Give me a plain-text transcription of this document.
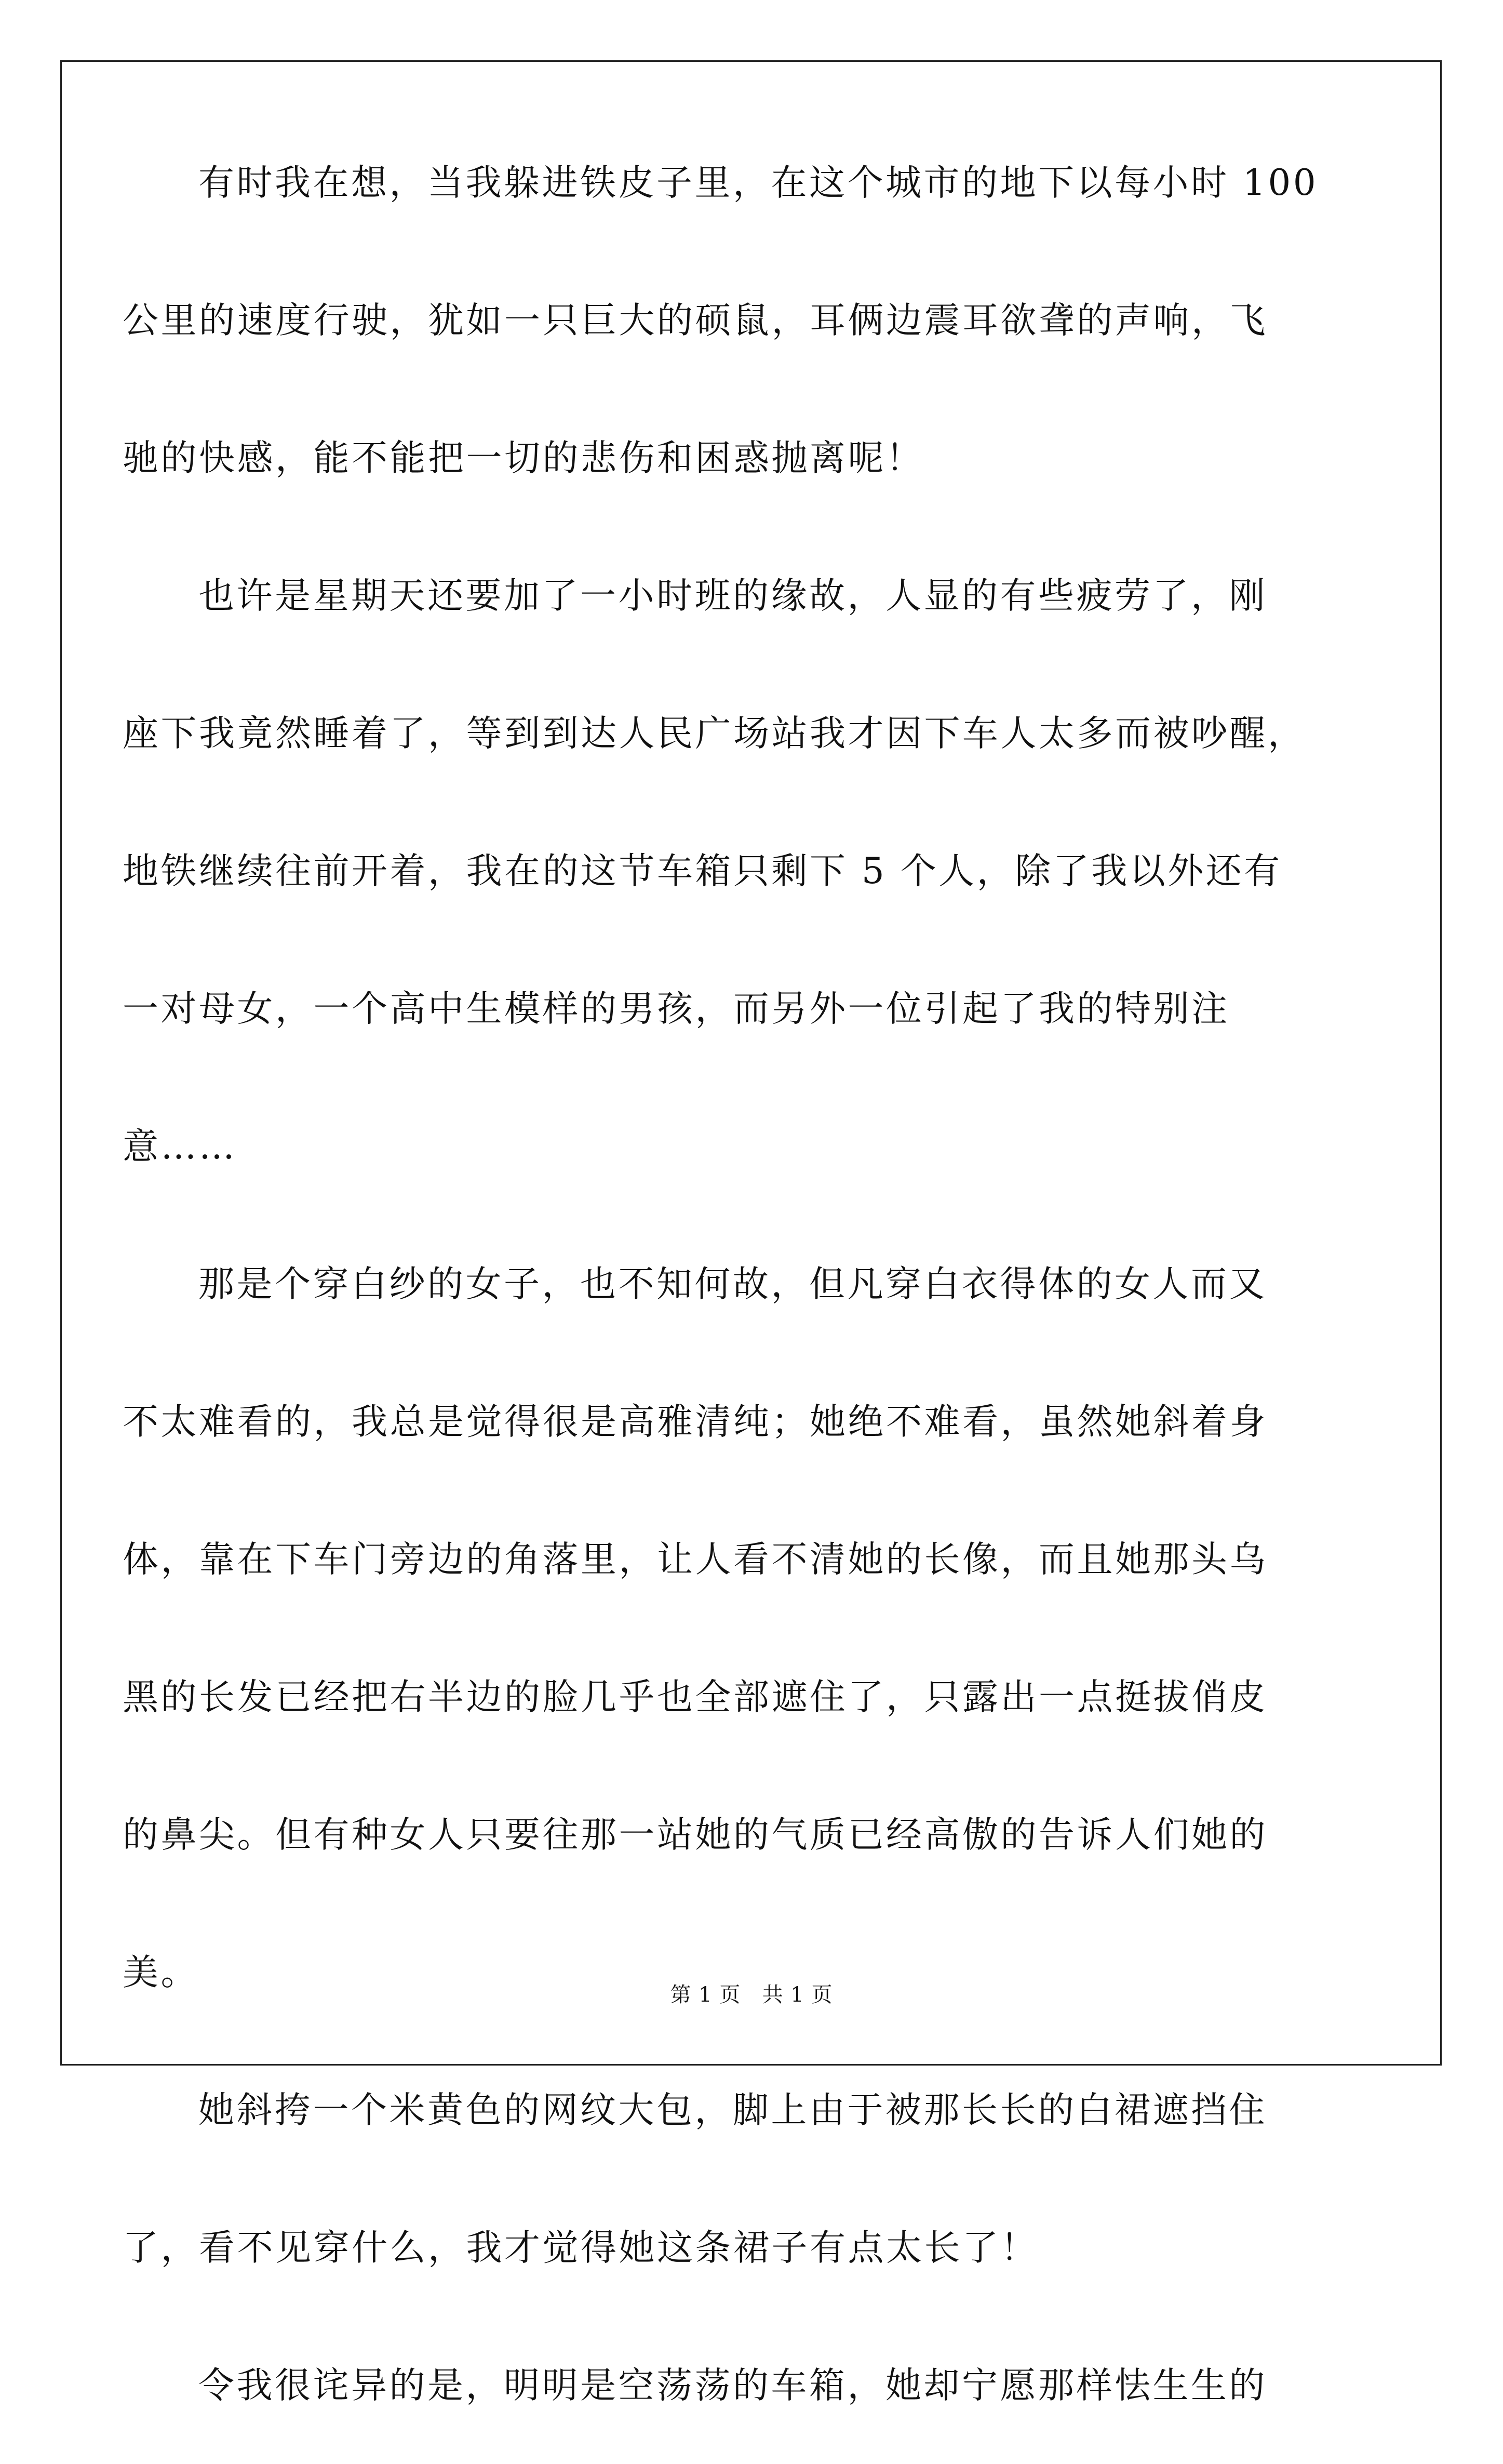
有时我在想，当我躲进铁皮子里，在这个城市的地下以每小时 100
公里的速度行驶，犹如一只巨大的硕鼠，耳俩边震耳欲聋的声响，飞
驰的快感，能不能把一切的悲伤和困惑抛离呢！
也许是星期天还要加了一小时班的缘故，人显的有些疲劳了，刚
座下我竟然睡着了，等到到达人民广场站我才因下车人太多而被吵醒，
地铁继续往前开着，我在的这节车箱只剩下 5 个人，除了我以外还有
一对母女，一个高中生模样的男孩，而另外一位引起了我的特别注
意……
那是个穿白纱的女子，也不知何故，但凡穿白衣得体的女人而又
不太难看的，我总是觉得很是高雅清纯；她绝不难看，虽然她斜着身
体，靠在下车门旁边的角落里，让人看不清她的长像，而且她那头乌
黑的长发已经把右半边的脸几乎也全部遮住了，只露出一点挺拔俏皮
的鼻尖。但有种女人只要往那一站她的气质已经高傲的告诉人们她的
美。
她斜挎一个米黄色的网纹大包，脚上由于被那长长的白裙遮挡住
了，看不见穿什么，我才觉得她这条裙子有点太长了！
令我很诧异的是，明明是空荡荡的车箱，她却宁愿那样怯生生的
第 1 页   共 1 页
